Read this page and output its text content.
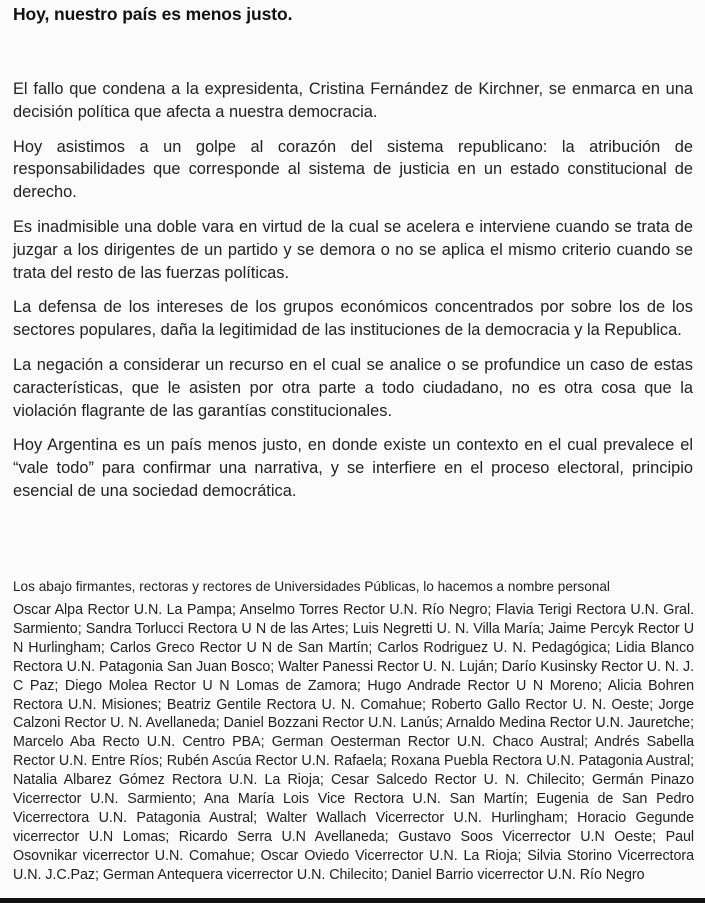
Hoy, nuestro país es menos justo.

El fallo que condena a la expresidenta, Cristina Fernández de Kirchner, se enmarca en una decisión política que afecta a nuestra democracia.

Hoy asistimos a un golpe al corazón del sistema republicano: la atribución de responsabilidades que corresponde al sistema de justicia en un estado constitucional de derecho.

Es inadmisible una doble vara en virtud de la cual se acelera e interviene cuando se trata de juzgar a los dirigentes de un partido y se demora o no se aplica el mismo criterio cuando se trata del resto de las fuerzas políticas.

La defensa de los intereses de los grupos económicos concentrados por sobre los de los sectores populares, daña la legitimidad de las instituciones de la democracia y la Republica.

La negación a considerar un recurso en el cual se analice o se profundice un caso de estas características, que le asisten por otra parte a todo ciudadano, no es otra cosa que la violación flagrante de las garantías constitucionales.

Hoy Argentina es un país menos justo, en donde existe un contexto en el cual prevalece el “vale todo” para confirmar una narrativa, y se interfiere en el proceso electoral, principio esencial de una sociedad democrática.

Los abajo firmantes, rectoras y rectores de Universidades Públicas, lo hacemos a nombre personal

Oscar Alpa Rector U.N. La Pampa; Anselmo Torres Rector U.N. Río Negro; Flavia Terigi Rectora U.N. Gral. Sarmiento; Sandra Torlucci Rectora U N de las Artes; Luis Negretti U. N. Villa María; Jaime Percyk Rector U N Hurlingham; Carlos Greco Rector U N de San Martín; Carlos Rodriguez U. N. Pedagógica; Lidia Blanco Rectora U.N. Patagonia San Juan Bosco; Walter Panessi Rector U. N. Luján; Darío Kusinsky Rector U. N. J. C Paz; Diego Molea Rector U N Lomas de Zamora; Hugo Andrade Rector U N Moreno; Alicia Bohren Rectora U.N. Misiones; Beatriz Gentile Rectora U. N. Comahue; Roberto Gallo Rector U. N. Oeste; Jorge Calzoni Rector U. N. Avellaneda; Daniel Bozzani Rector U.N. Lanús; Arnaldo Medina Rector U.N. Jauretche; Marcelo Aba Recto U.N. Centro PBA; German Oesterman Rector U.N. Chaco Austral; Andrés Sabella Rector U.N. Entre Ríos; Rubén Ascúa Rector U.N. Rafaela; Roxana Puebla Rectora U.N. Patagonia Austral; Natalia Albarez Gómez Rectora U.N. La Rioja; Cesar Salcedo Rector U. N. Chilecito; Germán Pinazo Vicerrector U.N. Sarmiento; Ana María Lois Vice Rectora U.N. San Martín; Eugenia de San Pedro Vicerrectora U.N. Patagonia Austral; Walter Wallach Vicerrector U.N. Hurlingham; Horacio Gegunde vicerrector U.N Lomas; Ricardo Serra U.N Avellaneda; Gustavo Soos Vicerrector U.N Oeste; Paul Osovnikar vicerrector U.N. Comahue; Oscar Oviedo Vicerrector U.N. La Rioja; Silvia Storino Vicerrectora U.N. J.C.Paz; German Antequera vicerrector U.N. Chilecito; Daniel Barrio vicerrector U.N. Río Negro
